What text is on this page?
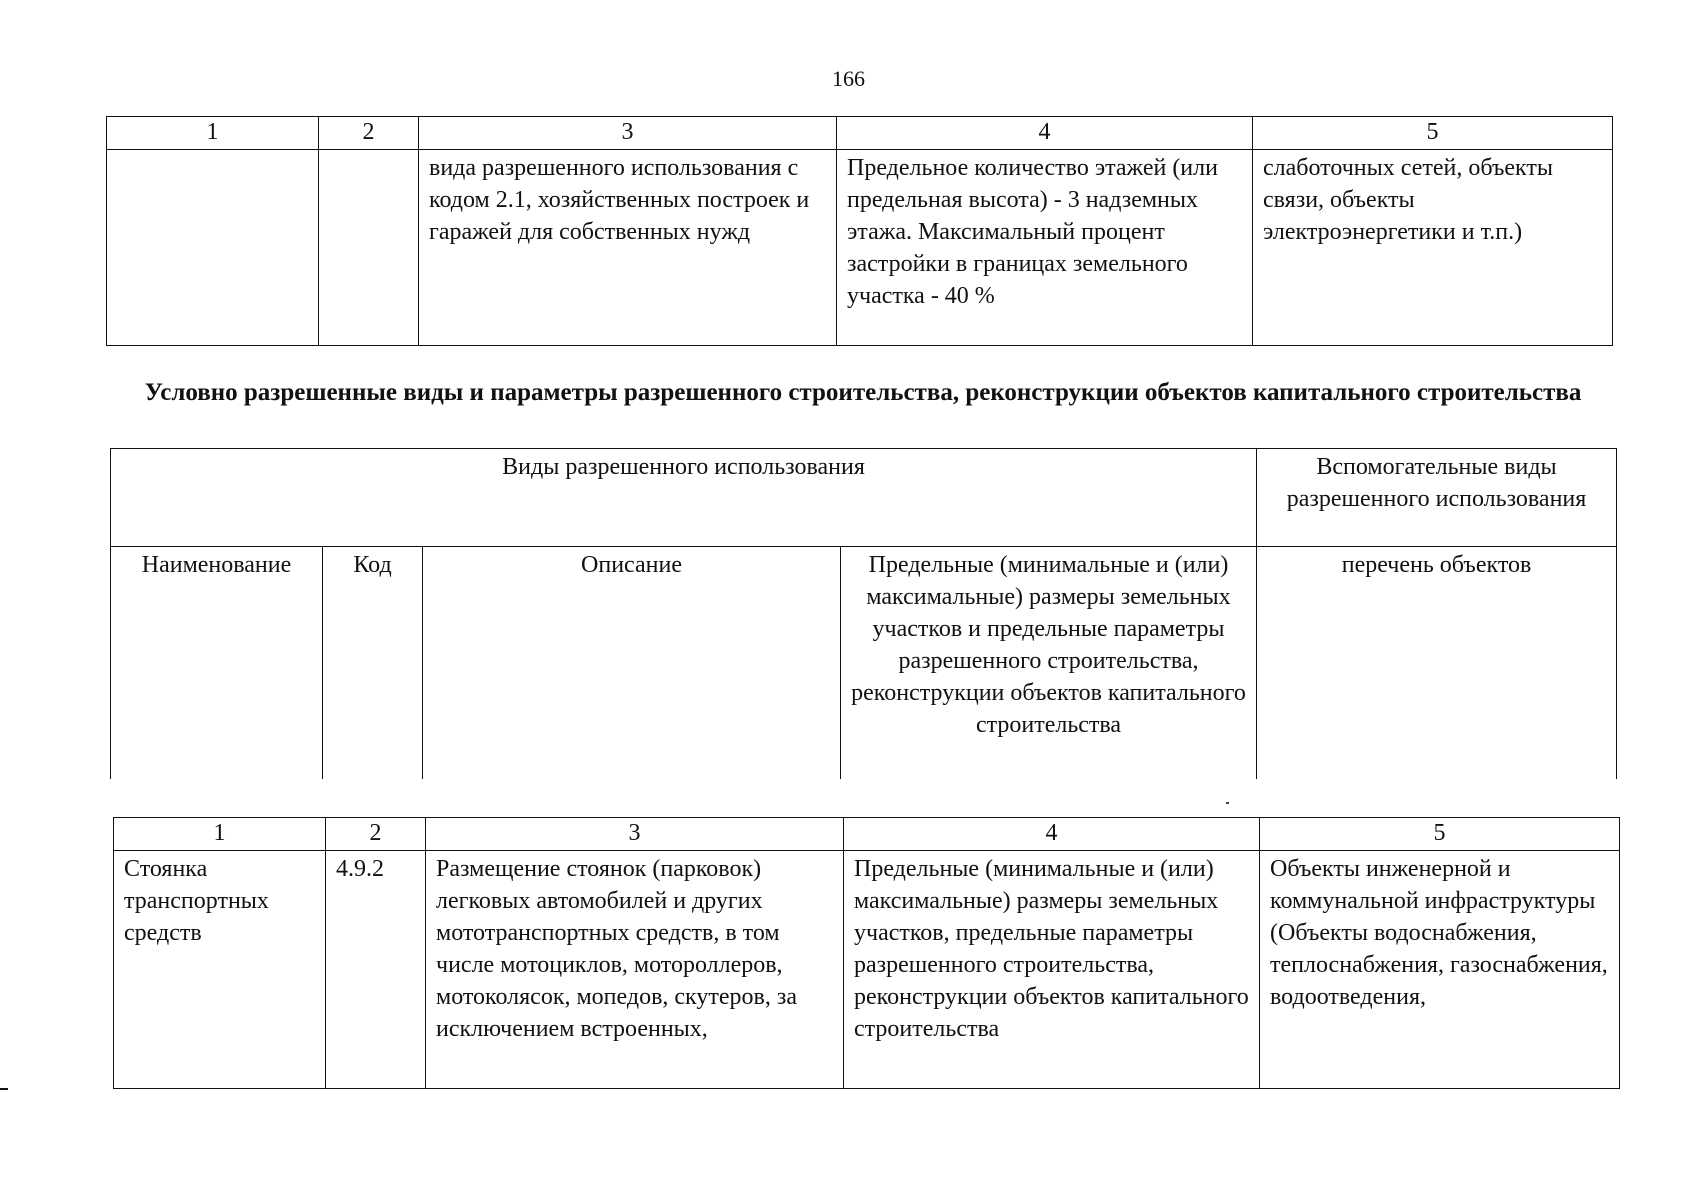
166
1	2	3	4	5
		вида разрешенного использования с кодом 2.1, хозяйственных построек и гаражей для собственных нужд	Предельное количество этажей (или предельная высота) - 3 надземных этажа. Максимальный процент застройки в границах земельного участка - 40 %	слаботочных сетей, объекты связи, объекты электроэнергетики и т.п.)
Условно разрешенные виды и параметры разрешенного строительства, реконструкции объектов капитального строительства
Виды разрешенного использования				Вспомогательные виды разрешенного использования
Наименование	Код	Описание	Предельные (минимальные и (или) максимальные) размеры земельных участков и предельные параметры разрешенного строительства, реконструкции объектов капитального строительства	перечень объектов
1	2	3	4	5
Стоянка транспортных средств	4.9.2	Размещение стоянок (парковок) легковых автомобилей и других мототранспортных средств, в том числе мотоциклов, мотороллеров, мотоколясок, мопедов, скутеров, за исключением встроенных,	Предельные (минимальные и (или) максимальные) размеры земельных участков, предельные параметры разрешенного строительства, реконструкции объектов капитального строительства	Объекты инженерной и коммунальной инфраструктуры (Объекты водоснабжения, теплоснабжения, газоснабжения, водоотведения,
